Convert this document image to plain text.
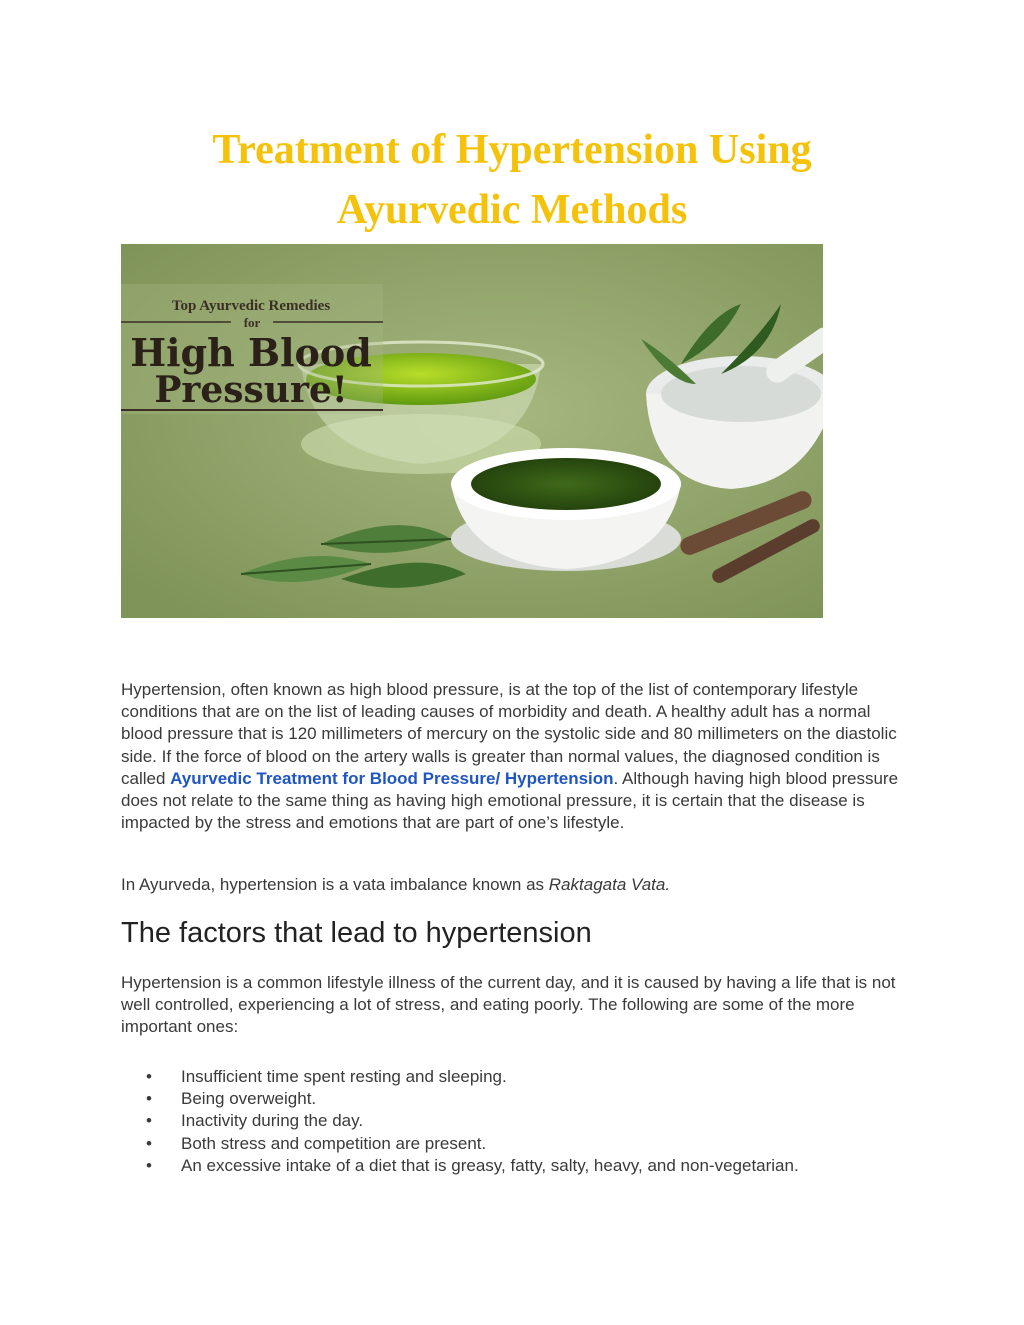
Treatment of Hypertension Using
Ayurvedic Methods
Top Ayurvedic Remedies
for
High Blood
Pressure!

Hypertension, often known as high blood pressure, is at the top of the list of contemporary lifestyle conditions that are on the list of leading causes of morbidity and death. A healthy adult has a normal blood pressure that is 120 millimeters of mercury on the systolic side and 80 millimeters on the diastolic side. If the force of blood on the artery walls is greater than normal values, the diagnosed condition is called Ayurvedic Treatment for Blood Pressure/ Hypertension. Although having high blood pressure does not relate to the same thing as having high emotional pressure, it is certain that the disease is impacted by the stress and emotions that are part of one’s lifestyle.

In Ayurveda, hypertension is a vata imbalance known as Raktagata Vata.

The factors that lead to hypertension

Hypertension is a common lifestyle illness of the current day, and it is caused by having a life that is not well controlled, experiencing a lot of stress, and eating poorly. The following are some of the more important ones:

• Insufficient time spent resting and sleeping.
• Being overweight.
• Inactivity during the day.
• Both stress and competition are present.
• An excessive intake of a diet that is greasy, fatty, salty, heavy, and non-vegetarian.
